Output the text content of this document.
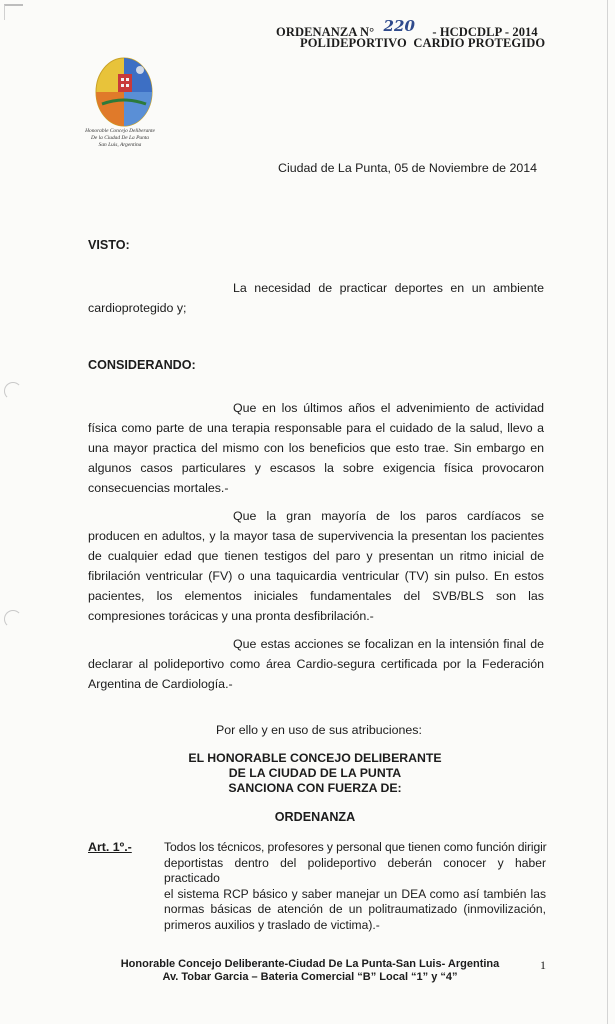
ORDENANZA N° 220 - HCDCDLP - 2014
POLIDEPORTIVO  CARDIO PROTEGIDO
Honorable Concejo Deliberante
De la Ciudad De La Punta
San Luis, Argentina
Ciudad de La Punta, 05 de Noviembre de 2014
VISTO:
La necesidad de practicar deportes en un ambiente
cardioprotegido y;
CONSIDERANDO:
Que en los últimos años el advenimiento de actividad
física como parte de una terapia responsable para el cuidado de la salud, llevo a
una mayor practica del mismo con los beneficios que esto trae. Sin embargo en
algunos casos particulares y escasos la sobre exigencia física provocaron
consecuencias mortales.-
Que la gran mayoría de los paros cardíacos se
producen en adultos, y la mayor tasa de supervivencia la presentan los pacientes
de cualquier edad que tienen testigos del paro y presentan un ritmo inicial de
fibrilación ventricular (FV) o una taquicardia ventricular (TV) sin pulso. En estos
pacientes, los elementos iniciales fundamentales del SVB/BLS son las
compresiones torácicas y una pronta desfibrilación.-
Que estas acciones se focalizan en la intensión final de
declarar al polideportivo como área Cardio-segura certificada por la Federación
Argentina de Cardiología.-
Por ello y en uso de sus atribuciones:
EL HONORABLE CONCEJO DELIBERANTE
DE LA CIUDAD DE LA PUNTA
SANCIONA CON FUERZA DE:
ORDENANZA
Art. 1º.-	Todos los técnicos, profesores y personal que tienen como función dirigir
deportistas dentro del polideportivo deberán conocer y haber practicado
el sistema RCP básico y saber manejar un DEA como así también las
normas básicas de atención de un politraumatizado (inmovilización,
primeros auxilios y traslado de victima).-
Honorable Concejo Deliberante-Ciudad De La Punta-San Luis- Argentina
Av. Tobar Garcia – Bateria Comercial “B” Local “1” y “4”
1
